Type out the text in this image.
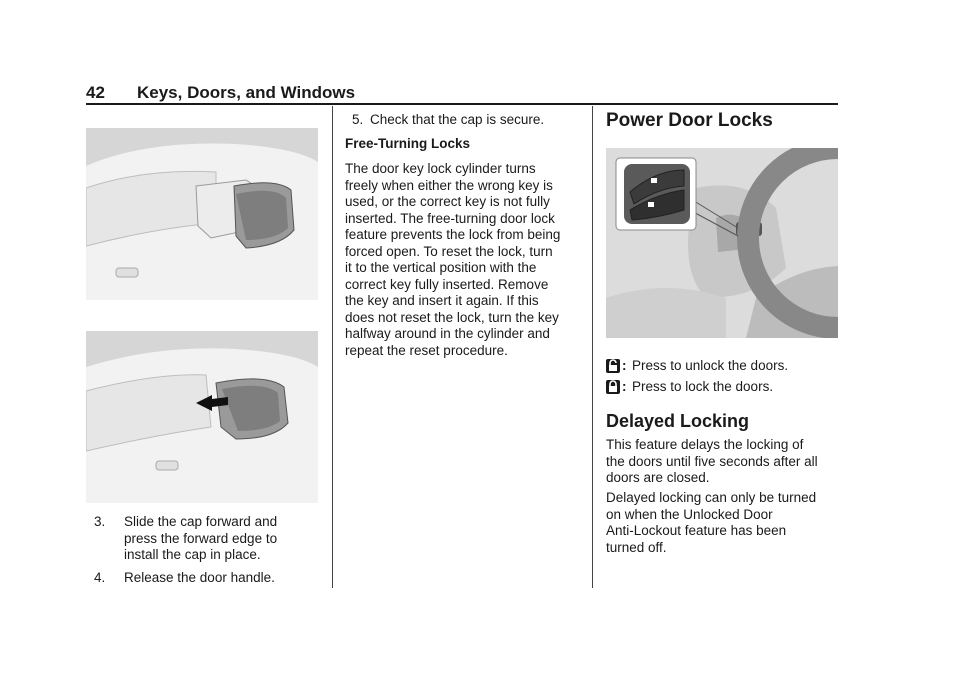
42 Keys, Doors, and Windows
3. Slide the cap forward and
press the forward edge to
install the cap in place.
4. Release the door handle.
5. Check that the cap is secure.
Free-Turning Locks
The door key lock cylinder turns
freely when either the wrong key is
used, or the correct key is not fully
inserted. The free-turning door lock
feature prevents the lock from being
forced open. To reset the lock, turn
it to the vertical position with the
correct key fully inserted. Remove
the key and insert it again. If this
does not reset the lock, turn the key
halfway around in the cylinder and
repeat the reset procedure.
Power Door Locks
: Press to unlock the doors.
: Press to lock the doors.
Delayed Locking
This feature delays the locking of
the doors until five seconds after all
doors are closed.
Delayed locking can only be turned
on when the Unlocked Door
Anti-Lockout feature has been
turned off.
